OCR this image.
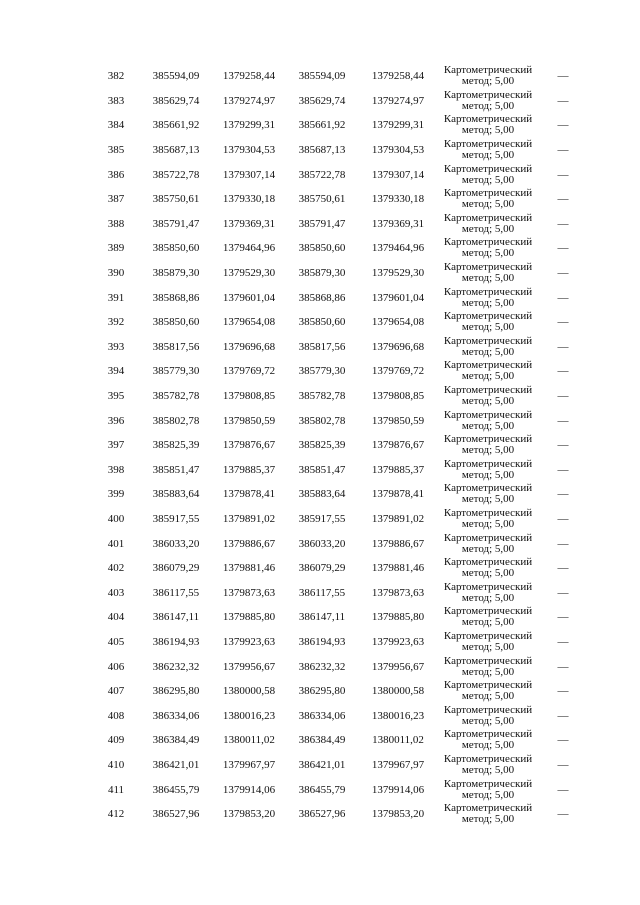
382	385594,09	1379258,44	385594,09	1379258,44	Картометрический
метод; 5,00	—
383	385629,74	1379274,97	385629,74	1379274,97	Картометрический
метод; 5,00	—
384	385661,92	1379299,31	385661,92	1379299,31	Картометрический
метод; 5,00	—
385	385687,13	1379304,53	385687,13	1379304,53	Картометрический
метод; 5,00	—
386	385722,78	1379307,14	385722,78	1379307,14	Картометрический
метод; 5,00	—
387	385750,61	1379330,18	385750,61	1379330,18	Картометрический
метод; 5,00	—
388	385791,47	1379369,31	385791,47	1379369,31	Картометрический
метод; 5,00	—
389	385850,60	1379464,96	385850,60	1379464,96	Картометрический
метод; 5,00	—
390	385879,30	1379529,30	385879,30	1379529,30	Картометрический
метод; 5,00	—
391	385868,86	1379601,04	385868,86	1379601,04	Картометрический
метод; 5,00	—
392	385850,60	1379654,08	385850,60	1379654,08	Картометрический
метод; 5,00	—
393	385817,56	1379696,68	385817,56	1379696,68	Картометрический
метод; 5,00	—
394	385779,30	1379769,72	385779,30	1379769,72	Картометрический
метод; 5,00	—
395	385782,78	1379808,85	385782,78	1379808,85	Картометрический
метод; 5,00	—
396	385802,78	1379850,59	385802,78	1379850,59	Картометрический
метод; 5,00	—
397	385825,39	1379876,67	385825,39	1379876,67	Картометрический
метод; 5,00	—
398	385851,47	1379885,37	385851,47	1379885,37	Картометрический
метод; 5,00	—
399	385883,64	1379878,41	385883,64	1379878,41	Картометрический
метод; 5,00	—
400	385917,55	1379891,02	385917,55	1379891,02	Картометрический
метод; 5,00	—
401	386033,20	1379886,67	386033,20	1379886,67	Картометрический
метод; 5,00	—
402	386079,29	1379881,46	386079,29	1379881,46	Картометрический
метод; 5,00	—
403	386117,55	1379873,63	386117,55	1379873,63	Картометрический
метод; 5,00	—
404	386147,11	1379885,80	386147,11	1379885,80	Картометрический
метод; 5,00	—
405	386194,93	1379923,63	386194,93	1379923,63	Картометрический
метод; 5,00	—
406	386232,32	1379956,67	386232,32	1379956,67	Картометрический
метод; 5,00	—
407	386295,80	1380000,58	386295,80	1380000,58	Картометрический
метод; 5,00	—
408	386334,06	1380016,23	386334,06	1380016,23	Картометрический
метод; 5,00	—
409	386384,49	1380011,02	386384,49	1380011,02	Картометрический
метод; 5,00	—
410	386421,01	1379967,97	386421,01	1379967,97	Картометрический
метод; 5,00	—
411	386455,79	1379914,06	386455,79	1379914,06	Картометрический
метод; 5,00	—
412	386527,96	1379853,20	386527,96	1379853,20	Картометрический
метод; 5,00	—
